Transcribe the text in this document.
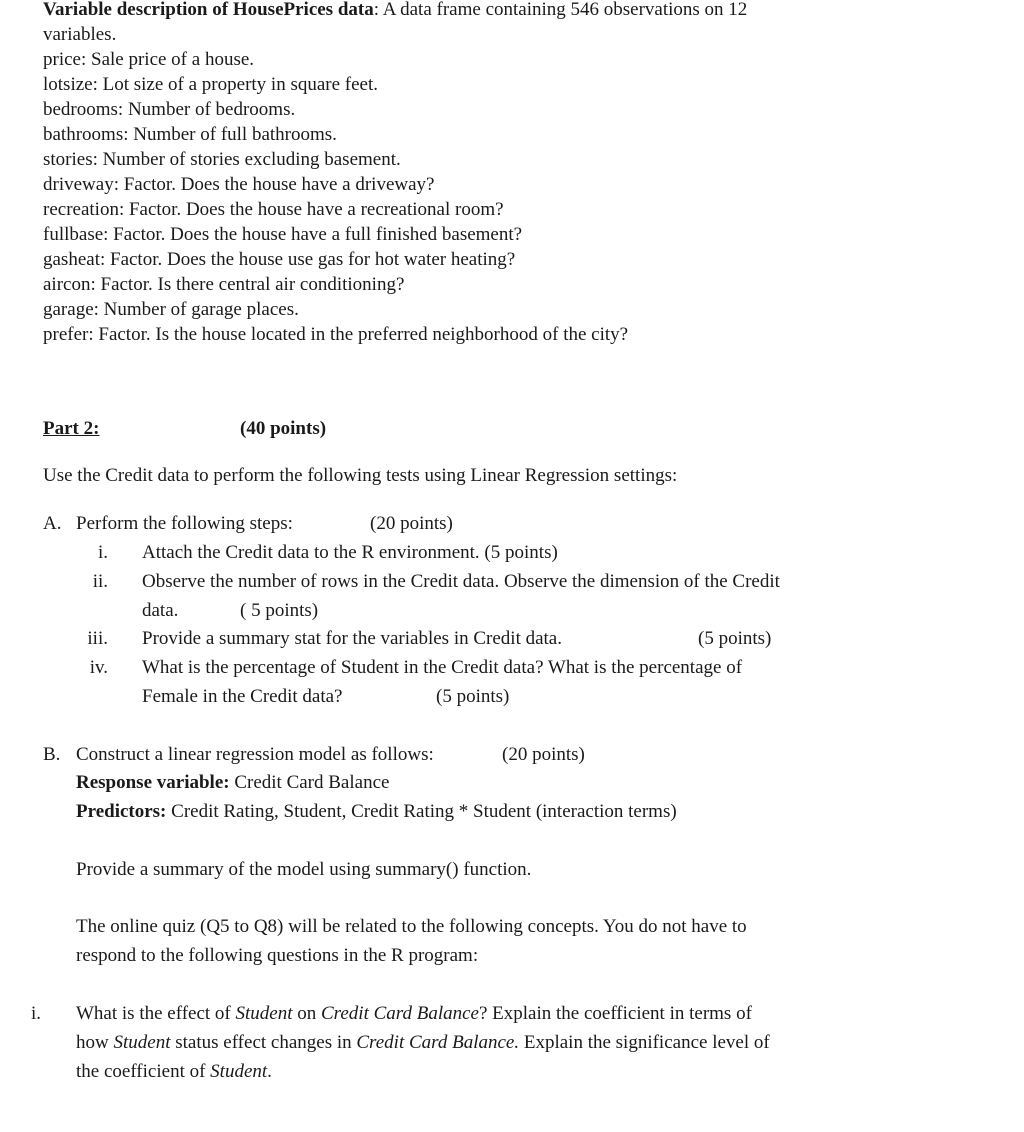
Variable description of HousePrices data: A data frame containing 546 observations on 12
variables.
price: Sale price of a house.
lotsize: Lot size of a property in square feet.
bedrooms: Number of bedrooms.
bathrooms: Number of full bathrooms.
stories: Number of stories excluding basement.
driveway: Factor. Does the house have a driveway?
recreation: Factor. Does the house have a recreational room?
fullbase: Factor. Does the house have a full finished basement?
gasheat: Factor. Does the house use gas for hot water heating?
aircon: Factor. Is there central air conditioning?
garage: Number of garage places.
prefer: Factor. Is the house located in the preferred neighborhood of the city?
Part 2:	(40 points)
Use the Credit data to perform the following tests using Linear Regression settings:
A. Perform the following steps:	(20 points)
i. Attach the Credit data to the R environment. (5 points)
ii. Observe the number of rows in the Credit data. Observe the dimension of the Credit
data.	( 5 points)
iii. Provide a summary stat for the variables in Credit data.	(5 points)
iv. What is the percentage of Student in the Credit data? What is the percentage of
Female in the Credit data?	(5 points)
B. Construct a linear regression model as follows:	(20 points)
Response variable: Credit Card Balance
Predictors: Credit Rating, Student, Credit Rating * Student (interaction terms)
Provide a summary of the model using summary() function.
The online quiz (Q5 to Q8) will be related to the following concepts. You do not have to
respond to the following questions in the R program:
i. What is the effect of Student on Credit Card Balance? Explain the coefficient in terms of
how Student status effect changes in Credit Card Balance. Explain the significance level of
the coefficient of Student.
